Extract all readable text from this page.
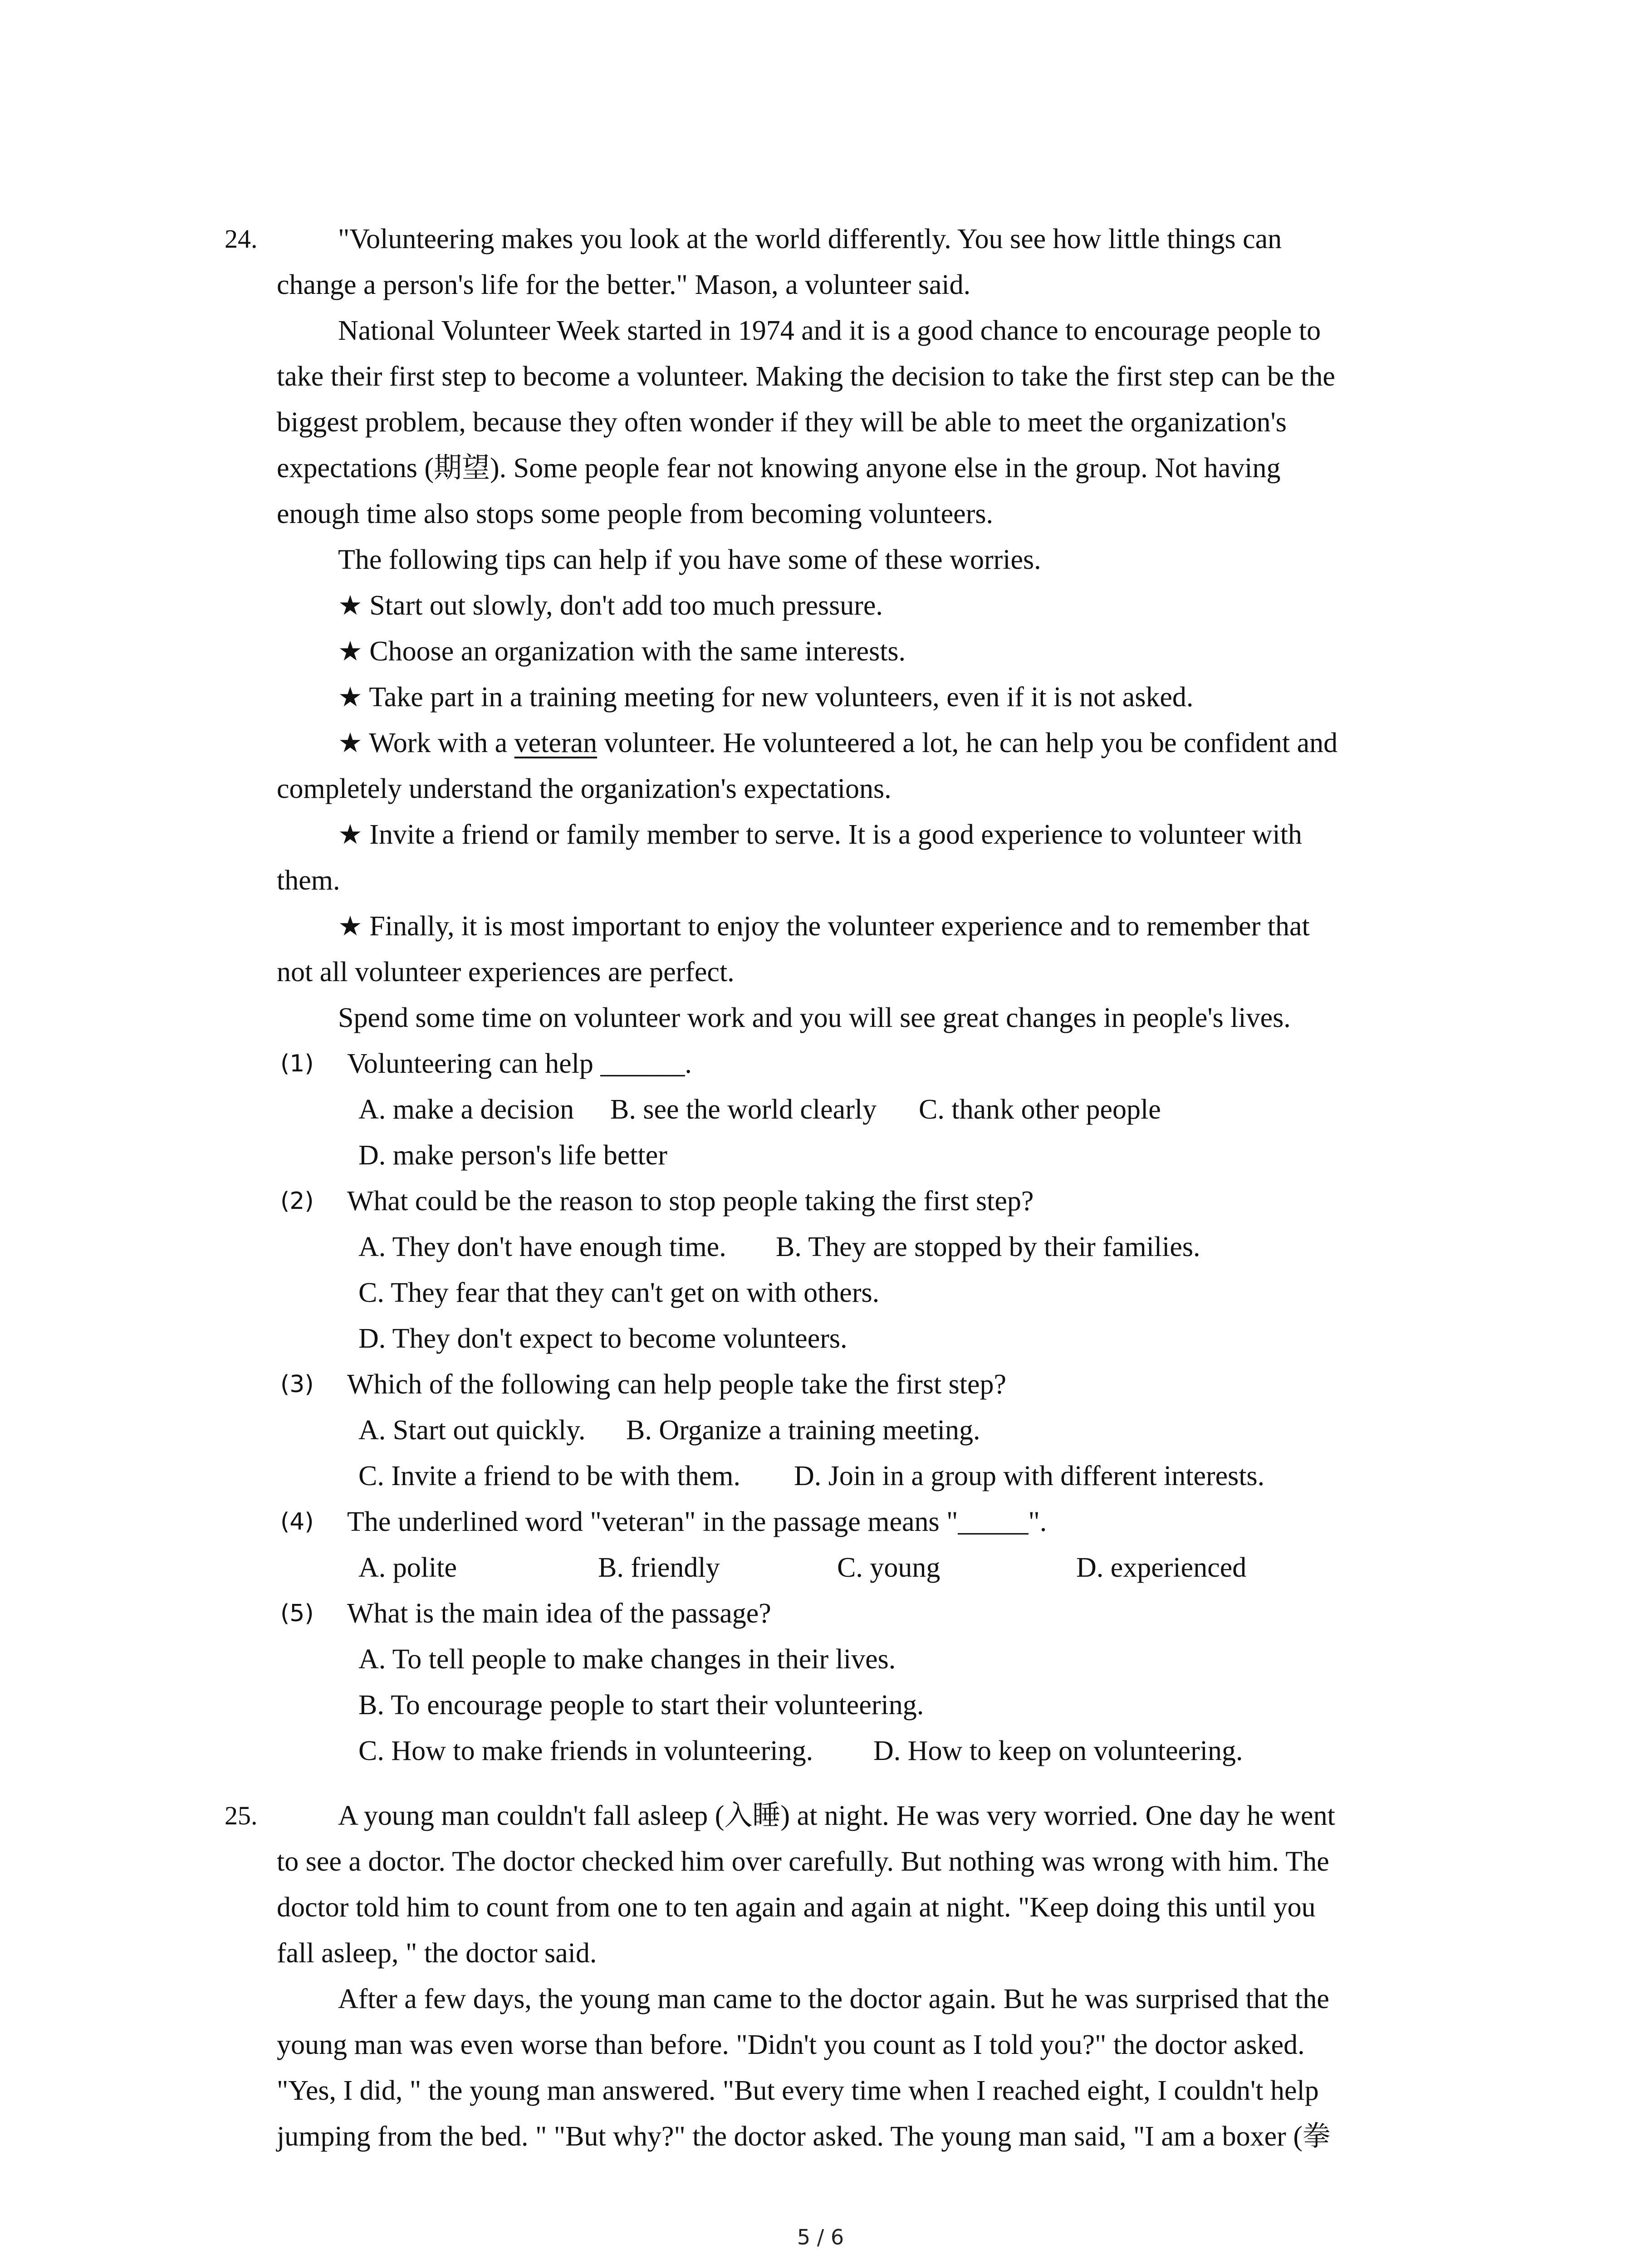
24.	"Volunteering makes you look at the world differently. You see how little things can
change a person's life for the better." Mason, a volunteer said.
National Volunteer Week started in 1974 and it is a good chance to encourage people to
take their first step to become a volunteer. Making the decision to take the first step can be the
biggest problem, because they often wonder if they will be able to meet the organization's
expectations (期望). Some people fear not knowing anyone else in the group. Not having
enough time also stops some people from becoming volunteers.
The following tips can help if you have some of these worries.
★ Start out slowly, don't add too much pressure.
★ Choose an organization with the same interests.
★ Take part in a training meeting for new volunteers, even if it is not asked.
★ Work with a veteran volunteer. He volunteered a lot, he can help you be confident and
completely understand the organization's expectations.
★ Invite a friend or family member to serve. It is a good experience to volunteer with
them.
★ Finally, it is most important to enjoy the volunteer experience and to remember that
not all volunteer experiences are perfect.
Spend some time on volunteer work and you will see great changes in people's lives.
(1) Volunteering can help ______.
A. make a decision B. see the world clearly C. thank other people
D. make person's life better
(2) What could be the reason to stop people taking the first step?
A. They don't have enough time. B. They are stopped by their families.
C. They fear that they can't get on with others.
D. They don't expect to become volunteers.
(3) Which of the following can help people take the first step?
A. Start out quickly. B. Organize a training meeting.
C. Invite a friend to be with them. D. Join in a group with different interests.
(4) The underlined word "veteran" in the passage means "_____".
A. polite	B. friendly	C. young	D. experienced
(5) What is the main idea of the passage?
A. To tell people to make changes in their lives.
B. To encourage people to start their volunteering.
C. How to make friends in volunteering. D. How to keep on volunteering.
25.	A young man couldn't fall asleep (入睡) at night. He was very worried. One day he went
to see a doctor. The doctor checked him over carefully. But nothing was wrong with him. The
doctor told him to count from one to ten again and again at night. "Keep doing this until you
fall asleep, " the doctor said.
After a few days, the young man came to the doctor again. But he was surprised that the
young man was even worse than before. "Didn't you count as I told you?" the doctor asked.
"Yes, I did, " the young man answered. "But every time when I reached eight, I couldn't help
jumping from the bed. " "But why?" the doctor asked. The young man said, "I am a boxer (拳
5 / 6
